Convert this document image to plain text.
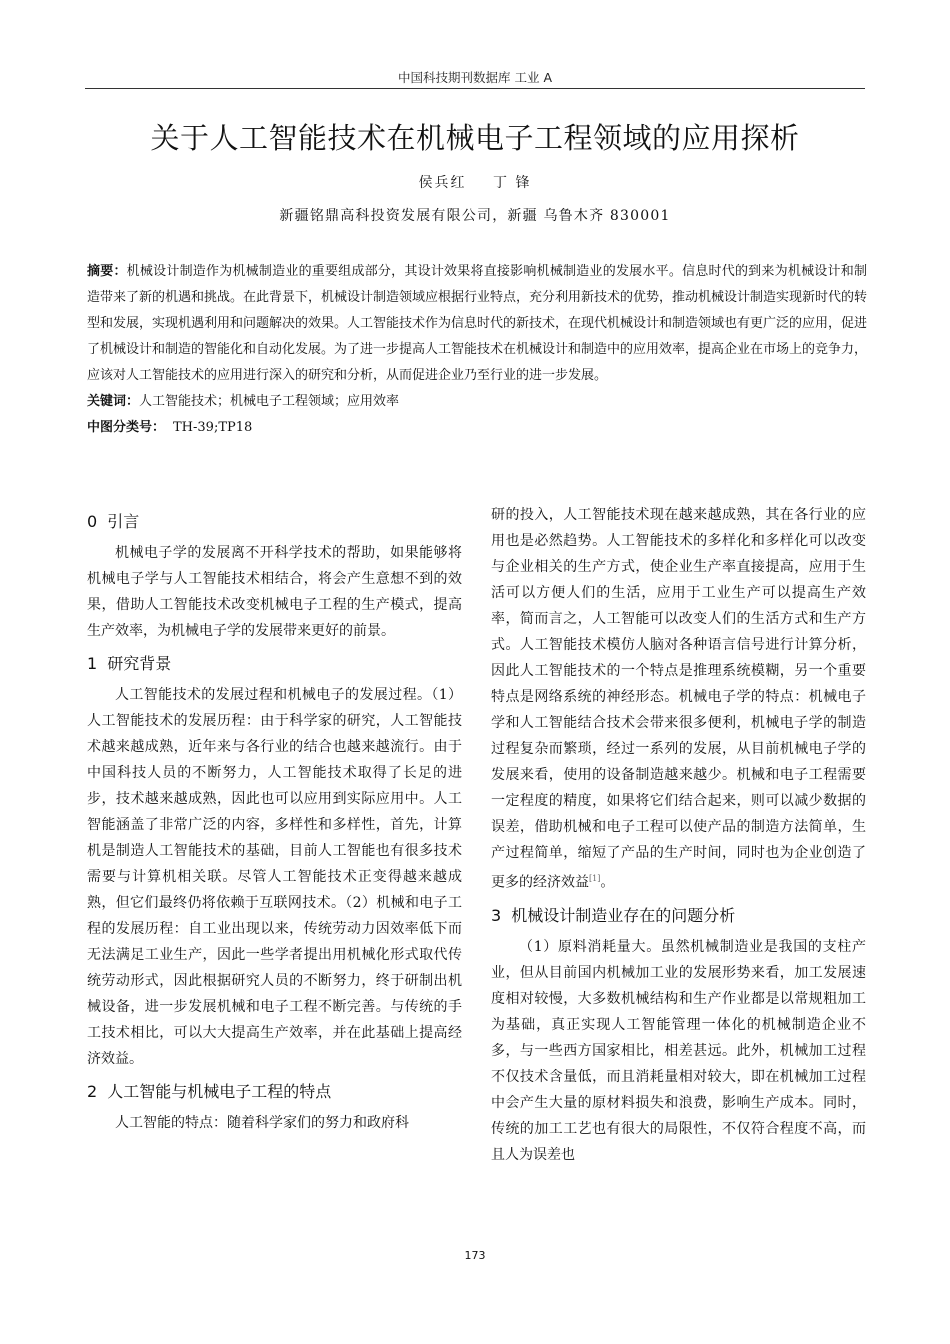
中国科技期刊数据库 工业 A
关于人工智能技术在机械电子工程领域的应用探析
侯兵红 丁 锋
新疆铭鼎高科投资发展有限公司，新疆 乌鲁木齐 830001
摘要：机械设计制造作为机械制造业的重要组成部分，其设计效果将直接影响机械制造业的发展水平。信息时代的到来为机械设计和制造带来了新的机遇和挑战。在此背景下，机械设计制造领域应根据行业特点，充分利用新技术的优势，推动机械设计制造实现新时代的转型和发展，实现机遇利用和问题解决的效果。人工智能技术作为信息时代的新技术，在现代机械设计和制造领域也有更广泛的应用，促进了机械设计和制造的智能化和自动化发展。为了进一步提高人工智能技术在机械设计和制造中的应用效率，提高企业在市场上的竞争力，应该对人工智能技术的应用进行深入的研究和分析，从而促进企业乃至行业的进一步发展。
关键词：人工智能技术；机械电子工程领域；应用效率
中图分类号： TH-39;TP18
0 引言

机械电子学的发展离不开科学技术的帮助，如果能够将机械电子学与人工智能技术相结合，将会产生意想不到的效果，借助人工智能技术改变机械电子工程的生产模式，提高生产效率，为机械电子学的发展带来更好的前景。

1 研究背景

人工智能技术的发展过程和机械电子的发展过程。（1）人工智能技术的发展历程：由于科学家的研究，人工智能技术越来越成熟，近年来与各行业的结合也越来越流行。由于中国科技人员的不断努力，人工智能技术取得了长足的进步，技术越来越成熟，因此也可以应用到实际应用中。人工智能涵盖了非常广泛的内容，多样性和多样性，首先，计算机是制造人工智能技术的基础，目前人工智能也有很多技术需要与计算机相关联。尽管人工智能技术正变得越来越成熟，但它们最终仍将依赖于互联网技术。（2）机械和电子工程的发展历程：自工业出现以来，传统劳动力因效率低下而无法满足工业生产，因此一些学者提出用机械化形式取代传统劳动形式，因此根据研究人员的不断努力，终于研制出机械设备，进一步发展机械和电子工程不断完善。与传统的手工技术相比，可以大大提高生产效率，并在此基础上提高经济效益。

2 人工智能与机械电子工程的特点

人工智能的特点：随着科学家们的努力和政府科

研的投入，人工智能技术现在越来越成熟，其在各行业的应用也是必然趋势。人工智能技术的多样化和多样化可以改变与企业相关的生产方式，使企业生产率直接提高，应用于生活可以方便人们的生活，应用于工业生产可以提高生产效率，简而言之，人工智能可以改变人们的生活方式和生产方式。人工智能技术模仿人脑对各种语言信号进行计算分析，因此人工智能技术的一个特点是推理系统模糊，另一个重要特点是网络系统的神经形态。机械电子学的特点：机械电子学和人工智能结合技术会带来很多便利，机械电子学的制造过程复杂而繁琐，经过一系列的发展，从目前机械电子学的发展来看，使用的设备制造越来越少。机械和电子工程需要一定程度的精度，如果将它们结合起来，则可以减少数据的误差，借助机械和电子工程可以使产品的制造方法简单，生产过程简单，缩短了产品的生产时间，同时也为企业创造了更多的经济效益[1]。

3 机械设计制造业存在的问题分析

（1）原料消耗量大。虽然机械制造业是我国的支柱产业，但从目前国内机械加工业的发展形势来看，加工发展速度相对较慢，大多数机械结构和生产作业都是以常规粗加工为基础，真正实现人工智能管理一体化的机械制造企业不多，与一些西方国家相比，相差甚远。此外，机械加工过程不仅技术含量低，而且消耗量相对较大，即在机械加工过程中会产生大量的原材料损失和浪费，影响生产成本。同时，传统的加工工艺也有很大的局限性，不仅符合程度不高，而且人为误差也

173
